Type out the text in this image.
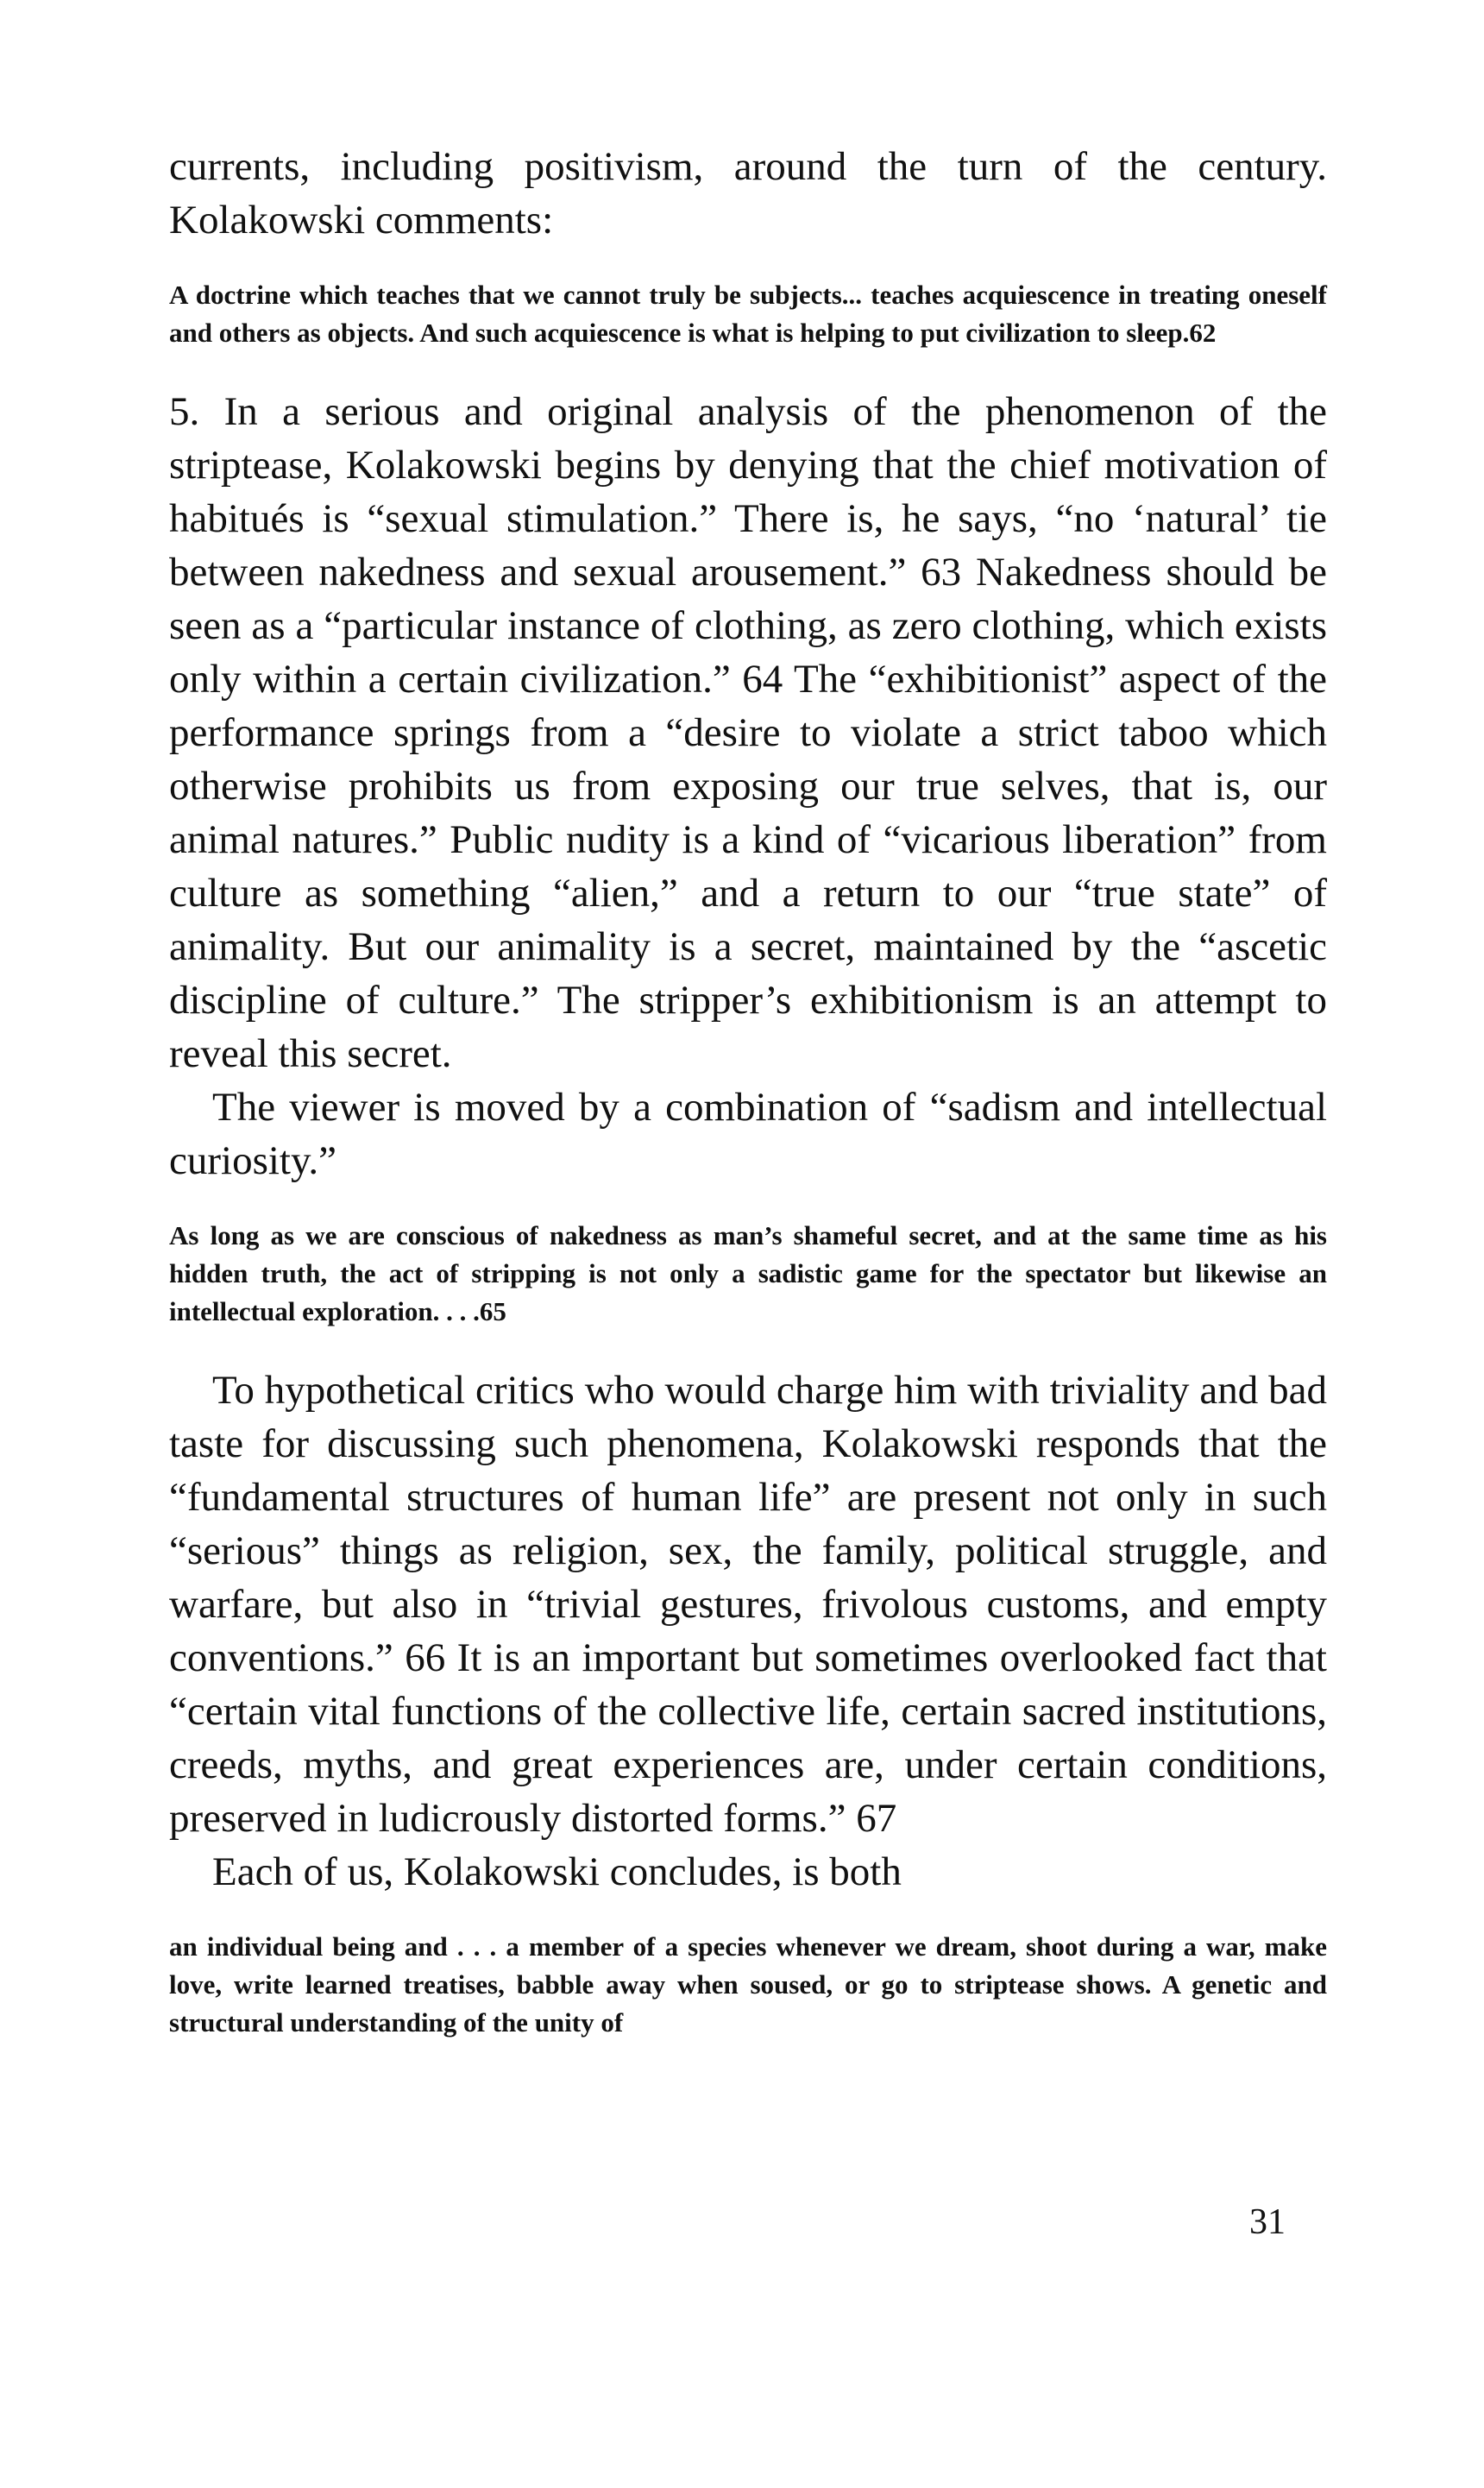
currents, including positivism, around the turn of the century. Kolakowski comments:

A doctrine which teaches that we cannot truly be subjects... teaches acquiescence in treating oneself and others as objects. And such acquiescence is what is helping to put civilization to sleep.62

5. In a serious and original analysis of the phenomenon of the striptease, Kolakowski begins by denying that the chief motivation of habitués is “sexual stimulation.” There is, he says, “no ‘natural’ tie between nakedness and sexual arousement.” 63 Nakedness should be seen as a “particular instance of clothing, as zero clothing, which exists only within a certain civilization.” 64 The “exhibitionist” aspect of the performance springs from a “desire to violate a strict taboo which otherwise prohibits us from exposing our true selves, that is, our animal natures.” Public nudity is a kind of “vicarious liberation” from culture as something “alien,” and a return to our “true state” of animality. But our animality is a secret, maintained by the “ascetic discipline of culture.” The stripper’s exhibitionism is an attempt to reveal this secret.

The viewer is moved by a combination of “sadism and intellectual curiosity.”

As long as we are conscious of nakedness as man’s shameful secret, and at the same time as his hidden truth, the act of stripping is not only a sadistic game for the spectator but likewise an intellectual exploration. . . .65

To hypothetical critics who would charge him with triviality and bad taste for discussing such phenomena, Kolakowski responds that the “fundamental structures of human life” are present not only in such “serious” things as religion, sex, the family, political struggle, and warfare, but also in “trivial gestures, frivolous customs, and empty conventions.” 66 It is an important but sometimes overlooked fact that “certain vital functions of the collective life, certain sacred institutions, creeds, myths, and great experiences are, under certain conditions, preserved in ludicrously distorted forms.” 67

Each of us, Kolakowski concludes, is both

an individual being and . . . a member of a species whenever we dream, shoot during a war, make love, write learned treatises, babble away when soused, or go to striptease shows. A genetic and structural understanding of the unity of

31
